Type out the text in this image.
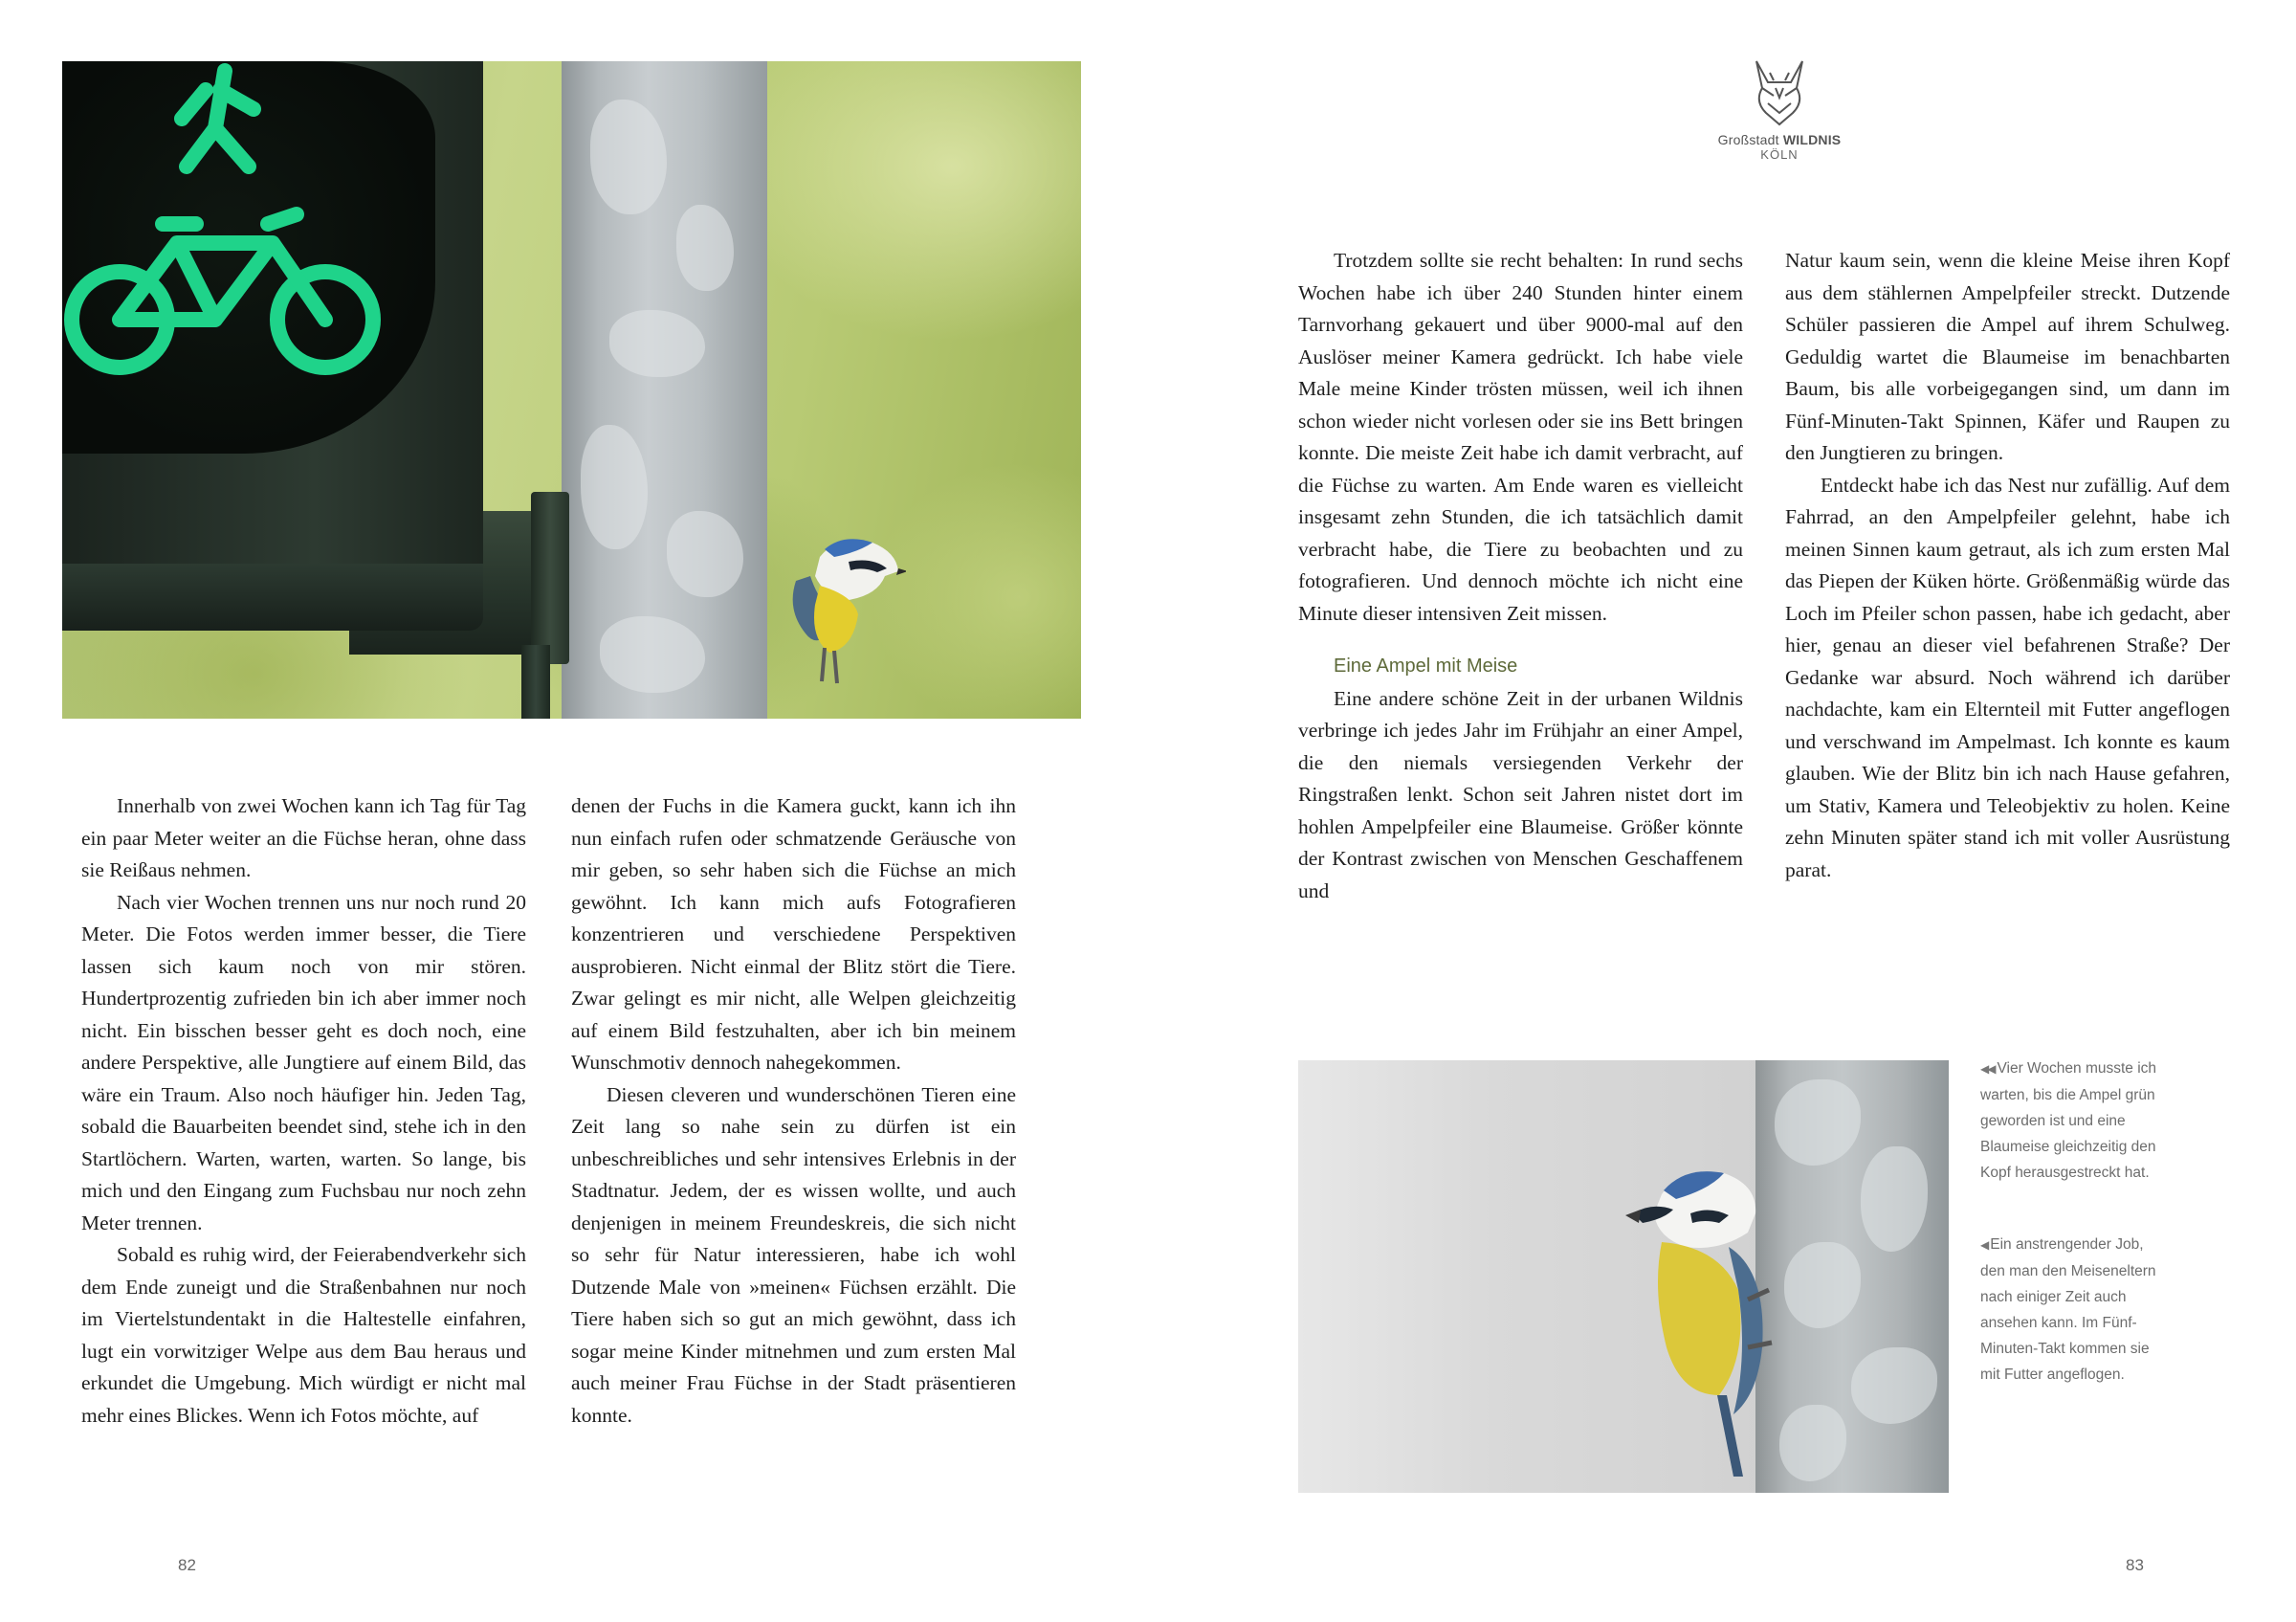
Großstadt WILDNIS
KÖLN

Innerhalb von zwei Wochen kann ich Tag für Tag ein paar Meter weiter an die Füchse heran, ohne dass sie Reißaus nehmen.

Nach vier Wochen trennen uns nur noch rund 20 Meter. Die Fotos werden immer besser, die Tiere lassen sich kaum noch von mir stören. Hundertprozentig zufrieden bin ich aber immer noch nicht. Ein bisschen besser geht es doch noch, eine andere Perspektive, alle Jungtiere auf einem Bild, das wäre ein Traum. Also noch häufiger hin. Jeden Tag, sobald die Bauarbeiten beendet sind, stehe ich in den Startlöchern. Warten, warten, warten. So lange, bis mich und den Eingang zum Fuchsbau nur noch zehn Meter trennen.

Sobald es ruhig wird, der Feierabendverkehr sich dem Ende zuneigt und die Straßenbahnen nur noch im Viertelstundentakt in die Haltestelle einfahren, lugt ein vorwitziger Welpe aus dem Bau heraus und erkundet die Umgebung. Mich würdigt er nicht mal mehr eines Blickes. Wenn ich Fotos möchte, auf

denen der Fuchs in die Kamera guckt, kann ich ihn nun einfach rufen oder schmatzende Geräusche von mir geben, so sehr haben sich die Füchse an mich gewöhnt. Ich kann mich aufs Fotografieren konzentrieren und verschiedene Perspektiven ausprobieren. Nicht einmal der Blitz stört die Tiere. Zwar gelingt es mir nicht, alle Welpen gleichzeitig auf einem Bild festzuhalten, aber ich bin meinem Wunschmotiv dennoch nahegekommen.

Diesen cleveren und wunderschönen Tieren eine Zeit lang so nahe sein zu dürfen ist ein unbeschreibliches und sehr intensives Erlebnis in der Stadtnatur. Jedem, der es wissen wollte, und auch denjenigen in meinem Freundeskreis, die sich nicht so sehr für Natur interessieren, habe ich wohl Dutzende Male von »meinen« Füchsen erzählt. Die Tiere haben sich so gut an mich gewöhnt, dass ich sogar meine Kinder mitnehmen und zum ersten Mal auch meiner Frau Füchse in der Stadt präsentieren konnte.

Trotzdem sollte sie recht behalten: In rund sechs Wochen habe ich über 240 Stunden hinter einem Tarnvorhang gekauert und über 9000-mal auf den Auslöser meiner Kamera gedrückt. Ich habe viele Male meine Kinder trösten müssen, weil ich ihnen schon wieder nicht vorlesen oder sie ins Bett bringen konnte. Die meiste Zeit habe ich damit verbracht, auf die Füchse zu warten. Am Ende waren es vielleicht insgesamt zehn Stunden, die ich tatsächlich damit verbracht habe, die Tiere zu beobachten und zu fotografieren. Und dennoch möchte ich nicht eine Minute dieser intensiven Zeit missen.

Eine Ampel mit Meise

Eine andere schöne Zeit in der urbanen Wildnis verbringe ich jedes Jahr im Frühjahr an einer Ampel, die den niemals versiegenden Verkehr der Ringstraßen lenkt. Schon seit Jahren nistet dort im hohlen Ampelpfeiler eine Blaumeise. Größer könnte der Kontrast zwischen von Menschen Geschaffenem und

Natur kaum sein, wenn die kleine Meise ihren Kopf aus dem stählernen Ampelpfeiler streckt. Dutzende Schüler passieren die Ampel auf ihrem Schulweg. Geduldig wartet die Blaumeise im benachbarten Baum, bis alle vorbeigegangen sind, um dann im Fünf-Minuten-Takt Spinnen, Käfer und Raupen zu den Jungtieren zu bringen.

Entdeckt habe ich das Nest nur zufällig. Auf dem Fahrrad, an den Ampelpfeiler gelehnt, habe ich meinen Sinnen kaum getraut, als ich zum ersten Mal das Piepen der Küken hörte. Größenmäßig würde das Loch im Pfeiler schon passen, habe ich gedacht, aber hier, genau an dieser viel befahrenen Straße? Der Gedanke war absurd. Noch während ich darüber nachdachte, kam ein Elternteil mit Futter angeflogen und verschwand im Ampelmast. Ich konnte es kaum glauben. Wie der Blitz bin ich nach Hause gefahren, um Stativ, Kamera und Teleobjektiv zu holen. Keine zehn Minuten später stand ich mit voller Ausrüstung parat.

◀◀ Vier Wochen musste ich warten, bis die Ampel grün geworden ist und eine Blaumeise gleichzeitig den Kopf herausgestreckt hat.
◀ Ein anstrengender Job, den man den Meiseneltern nach einiger Zeit auch ansehen kann. Im Fünf-Minuten-Takt kommen sie mit Futter angeflogen.
82	83
